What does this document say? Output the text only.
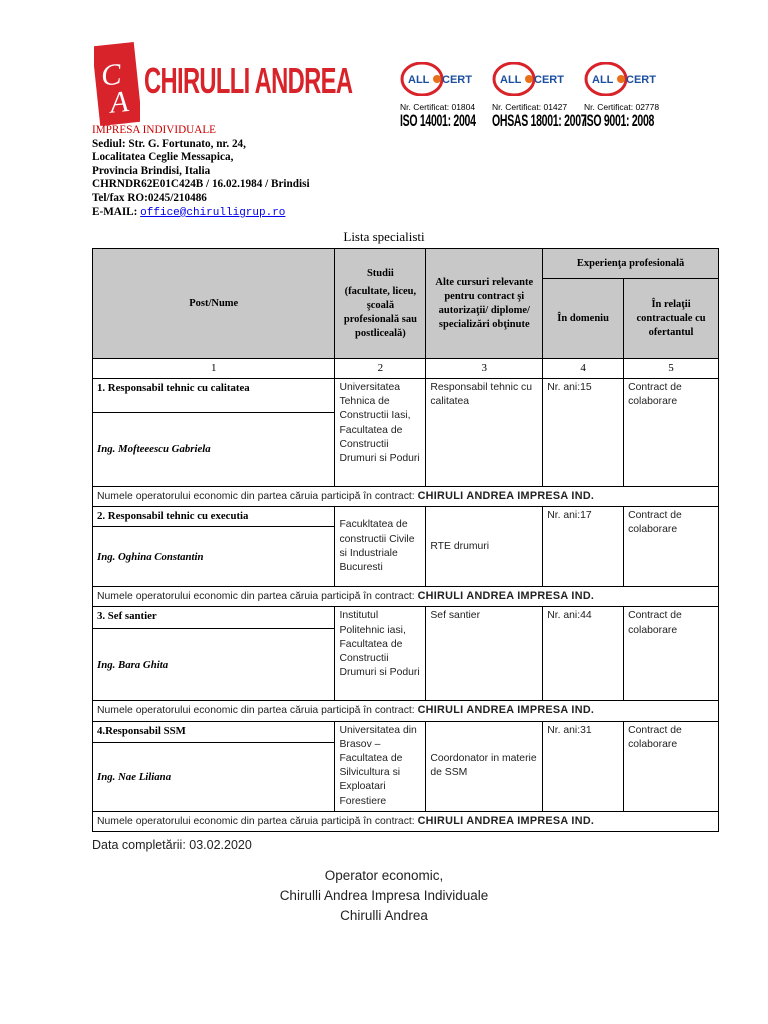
C
A
CHIRULLI ANDREA	ALL CERT
Nr. Certificat: 01804
ISO 14001: 2004
ALL CERT
Nr. Certificat: 01427
OHSAS 18001: 2007
ALL CERT
Nr. Certificat: 02778
ISO 9001: 2008
IMPRESA INDIVIDUALE
Sediul: Str. G. Fortunato, nr. 24,
Localitatea Ceglie Messapica,
Provincia Brindisi, Italia
CHRNDR62E01C424B / 16.02.1984 / Brindisi
Tel/fax RO:0245/210486
E-MAIL: office@chirulligrup.ro
Lista specialisti
Post/Nume	Studii
(facultate, liceu, şcoală profesională sau postliceală)	Alte cursuri relevante pentru contract şi autorizaţii/ diplome/ specializări obţinute	Experienţa profesională	
			În domeniu	În relaţii contractuale cu ofertantul
1	2	3	4	5
1. Responsabil tehnic cu calitatea	Universitatea Tehnica de Constructii Iasi, Facultatea de Constructii Drumuri si Poduri	Responsabil tehnic cu calitatea	Nr. ani:15	Contract de colaborare
Ing. Mofteeescu Gabriela				
Numele operatorului economic din partea căruia participă în contract: CHIRULI ANDREA IMPRESA IND.				
2. Responsabil tehnic cu executia	Facukltatea de constructii Civile si Industriale Bucuresti	RTE drumuri	Nr. ani:17	Contract de colaborare
Ing. Oghina Constantin				
Numele operatorului economic din partea căruia participă în contract: CHIRULI ANDREA IMPRESA IND.				
3. Sef santier	Institutul Politehnic iasi, Facultatea de Constructii Drumuri si Poduri	Sef santier	Nr. ani:44	Contract de colaborare
Ing. Bara Ghita				
Numele operatorului economic din partea căruia participă în contract: CHIRULI ANDREA IMPRESA IND.				
4.Responsabil SSM	Universitatea din Brasov – Facultatea de Silvicultura si Exploatari Forestiere	Coordonator in materie de SSM	Nr. ani:31	Contract de colaborare
Ing. Nae Liliana				
Numele operatorului economic din partea căruia participă în contract: CHIRULI ANDREA IMPRESA IND.				
Data completării: 03.02.2020
Operator economic,
Chirulli Andrea Impresa Individuale
Chirulli Andrea
